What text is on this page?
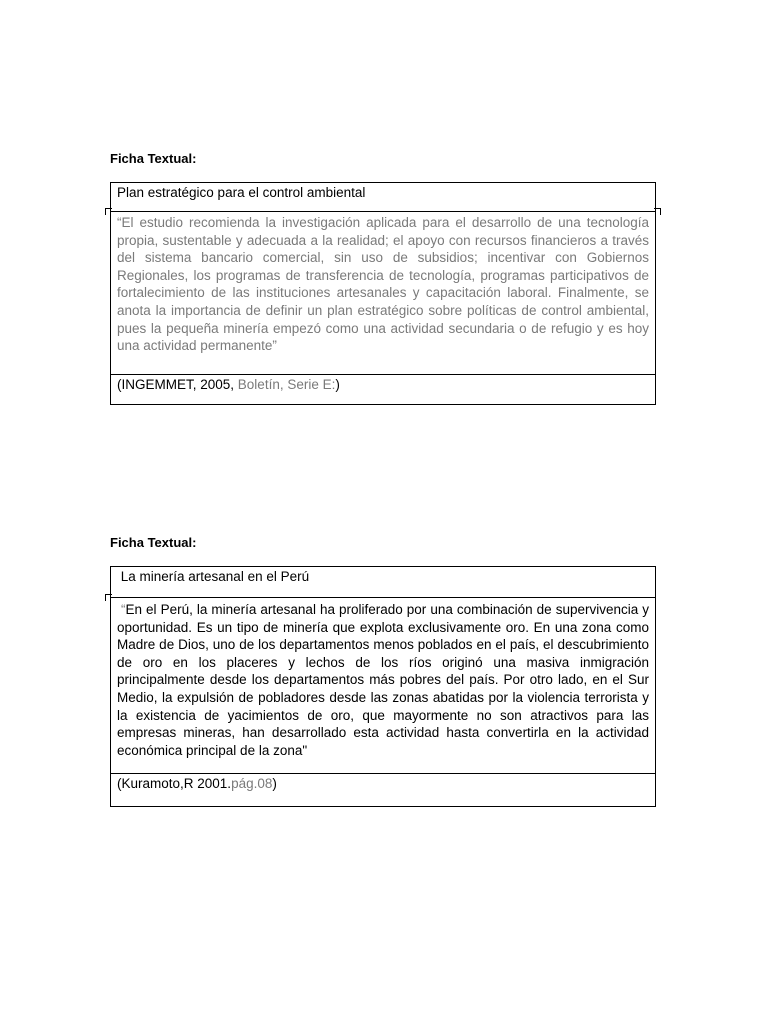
Ficha Textual:

Plan estratégico para el control ambiental
“El estudio recomienda la investigación aplicada para el desarrollo de una tecnología propia, sustentable y adecuada a la realidad; el apoyo con recursos financieros a través del sistema bancario comercial, sin uso de subsidios; incentivar con Gobiernos Regionales, los programas de transferencia de tecnología, programas participativos de fortalecimiento de las instituciones artesanales y capacitación laboral. Finalmente, se anota la importancia de definir un plan estratégico sobre políticas de control ambiental, pues la pequeña minería empezó como una actividad secundaria o de refugio y es hoy una actividad permanente”
(INGEMMET, 2005, Boletín, Serie E:)

Ficha Textual:

La minería artesanal en el Perú
“En el Perú, la minería artesanal ha proliferado por una combinación de supervivencia y oportunidad. Es un tipo de minería que explota exclusivamente oro. En una zona como Madre de Dios, uno de los departamentos menos poblados en el país, el descubrimiento de oro en los placeres y lechos de los ríos originó una masiva inmigración principalmente desde los departamentos más pobres del país. Por otro lado, en el Sur Medio, la expulsión de pobladores desde las zonas abatidas por la violencia terrorista y la existencia de yacimientos de oro, que mayormente no son atractivos para las empresas mineras, han desarrollado esta actividad hasta convertirla en la actividad económica principal de la zona"
(Kuramoto,R 2001.pág.08)
